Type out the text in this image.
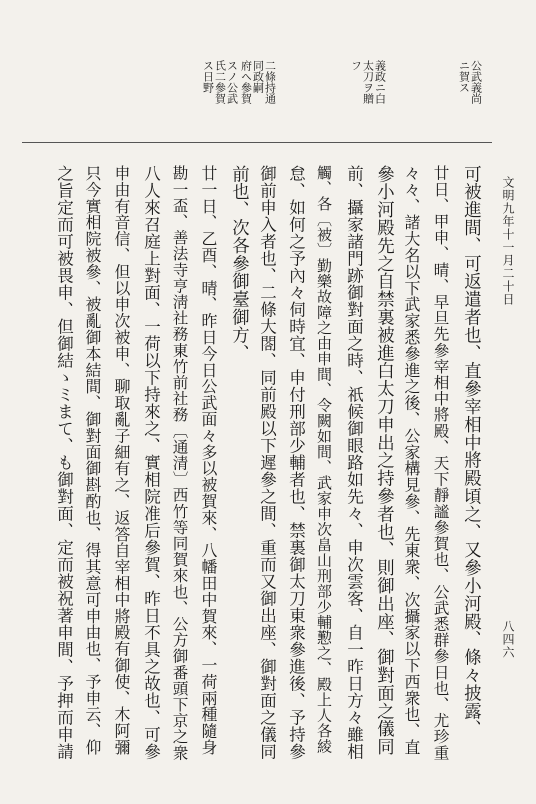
公武義尚
ニ賀ス
義政ニ白
太刀ヲ贈
フ
二條持通
同政嗣
府ヘ參賀
スノ公武
氏二參賀
ス日野
文明九年十一月二十日
八四六
可被進間、可返遣者也、直參宰相中將殿頃之、又參小河殿、條々披露、
廿日、甲申、晴、早旦先參宰相中將殿、天下靜謐參賀也、公武悉群參日也、尤珍重
々々、諸大名以下武家悉參進之後、公家構見參、先東衆、次攝家以下西衆也、直
參小河殿先之自禁裏被進白太刀申出之持參者也、則御出座、御對面之儀同
前、攝家諸門跡御對面之時、祇候御眼路如先々、申次雲客、自一昨日方々雖相
觸、各〔被〕勤樂故障之由申間、令闕如間、武家申次畠山刑部少輔懃之、殿上人各綾
怠、如何之予內々伺時宜、申付刑部少輔者也、禁裏御太刀東衆參進後、予持參
御前申入者也、二條大閤、同前殿以下遲參之間、重而又御出座、御對面之儀同
前也、次各參御臺御方、
廿一日、乙酉、晴、昨日今日公武面々多以被賀來、八幡田中賀來、一荷兩種隨身
勘一盃、善法寺亨淸社務東竹前社務〔通清〕西竹等同賀來也、公方御番頭下京之衆
八人來召庭上對面、一荷以下持來之、實相院准后參賀、昨日不具之故也、可參
申由有音信、但以申次被申、聊取亂子細有之、返答自宰相中將殿有御使、木阿彌
只今實相院被參、被亂御本結間、御對面御斟酌也、得其意可申由也、予申云、仰
之旨定而可被畏申、但御結ゝミまて、も御對面、定而被祝著申間、予押而申請
